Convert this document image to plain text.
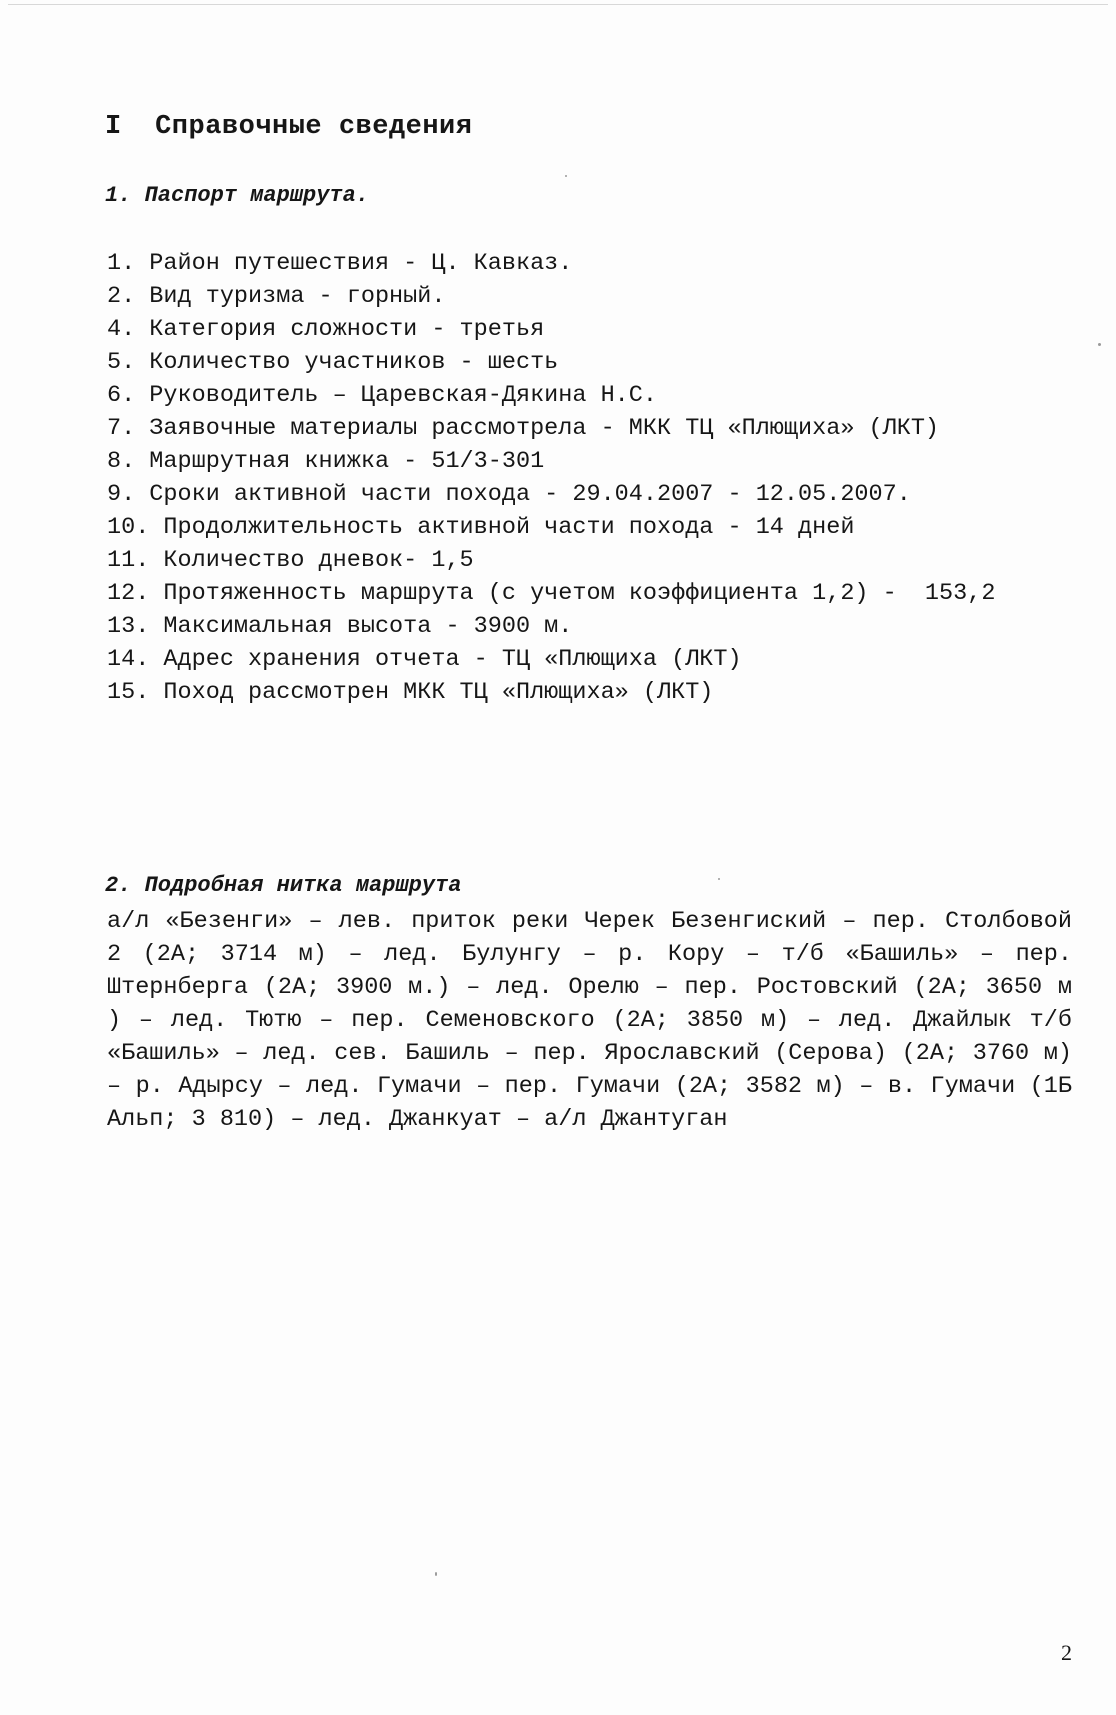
I  Справочные сведения
1. Паспорт маршрута.
1. Район путешествия - Ц. Кавказ.
2. Вид туризма - горный.
4. Категория сложности - третья
5. Количество участников - шесть
6. Руководитель – Царевская-Дякина Н.С.
7. Заявочные материалы рассмотрела - МКК ТЦ «Плющиха» (ЛКТ)
8. Маршрутная книжка - 51/3-301
9. Сроки активной части похода - 29.04.2007 - 12.05.2007.
10. Продолжительность активной части похода - 14 дней
11. Количество дневок- 1,5
12. Протяженность маршрута (с учетом коэффициента 1,2) -  153,2
13. Максимальная высота - 3900 м.
14. Адрес хранения отчета - ТЦ «Плющиха (ЛКТ)
15. Поход рассмотрен МКК ТЦ «Плющиха» (ЛКТ)
2. Подробная нитка маршрута

а/л «Безенги» – лев. приток реки Черек Безенгиский – пер. Столбовой 2 (2А; 3714 м) – лед. Булунгу – р. Кору – т/б «Башиль» – пер. Штернберга (2А; 3900 м.) – лед. Орелю – пер. Ростовский (2А; 3650 м ) – лед. Тютю – пер. Семеновского (2А; 3850 м) – лед. Джайлык т/б «Башиль» – лед. сев. Башиль – пер. Ярославский (Серова) (2А; 3760 м) – р. Адырсу – лед. Гумачи – пер. Гумачи (2А; 3582 м) – в. Гумачи (1Б Альп; 3 810) – лед. Джанкуат – а/л Джантуган

2
